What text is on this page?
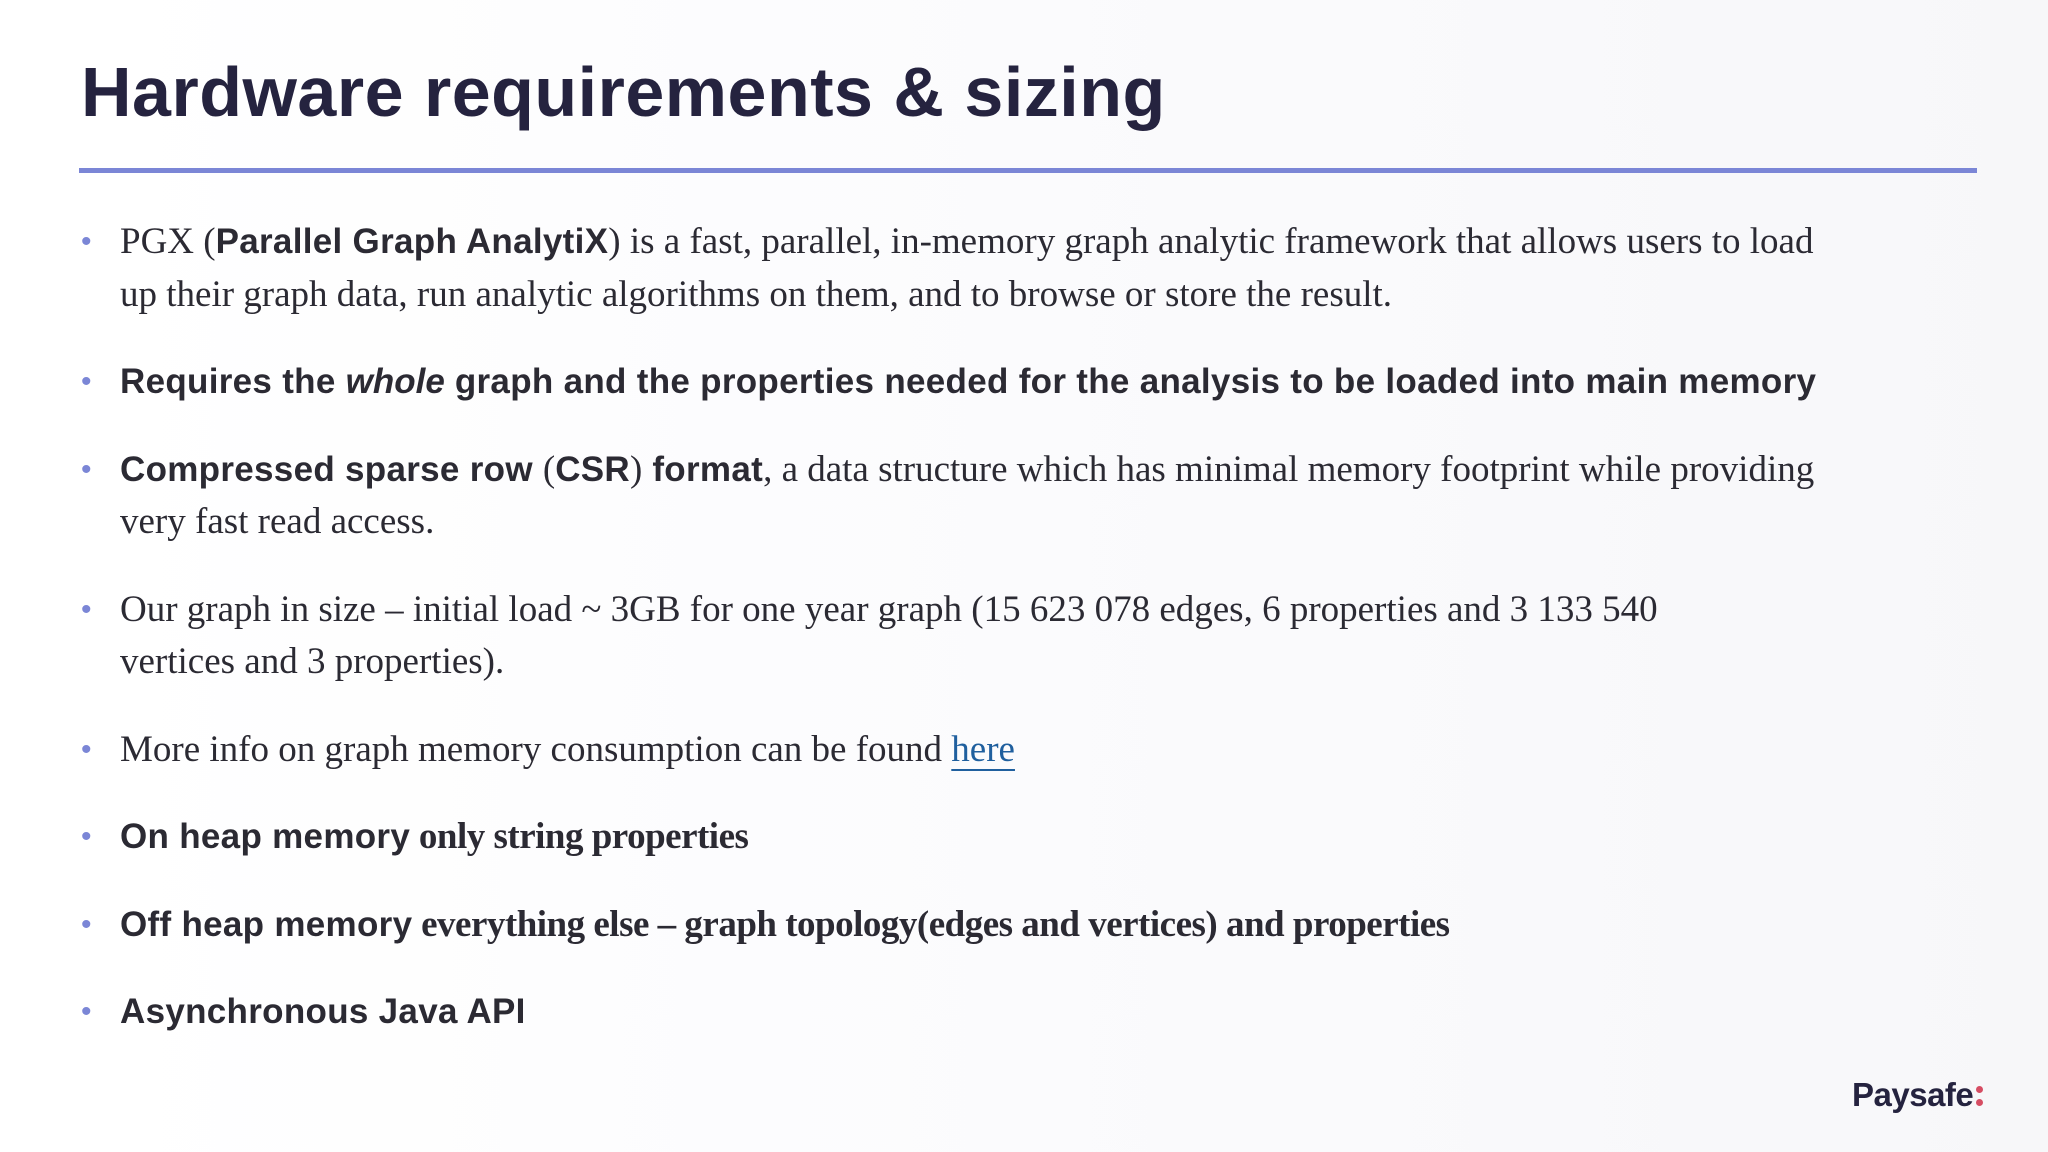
Hardware requirements & sizing
• PGX (Parallel Graph AnalytiX) is a fast, parallel, in-memory graph analytic framework that allows users to load
up their graph data, run analytic algorithms on them, and to browse or store the result.
• Requires the whole graph and the properties needed for the analysis to be loaded into main memory
• Compressed sparse row (CSR) format, a data structure which has minimal memory footprint while providing
very fast read access.
• Our graph in size – initial load ~ 3GB for one year graph (15 623 078 edges, 6 properties and 3 133 540
vertices and 3 properties).
• More info on graph memory consumption can be found here
• On heap memory only string properties
• Off heap memory everything else – graph topology(edges and vertices) and properties
• Asynchronous Java API
Paysafe
